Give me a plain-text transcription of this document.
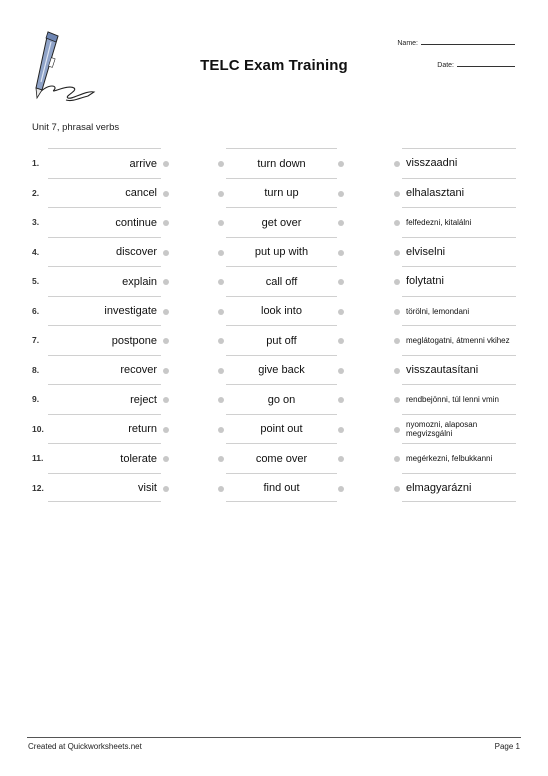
TELC Exam Training
Name:
Date:
Unit 7, phrasal verbs
1.	arrive	turn down	visszaadni
2.	cancel	turn up	elhalasztani
3.	continue	get over	felfedezni, kitalálni
4.	discover	put up with	elviselni
5.	explain	call off	folytatni
6.	investigate	look into	törölni, lemondani
7.	postpone	put off	meglátogatni, átmenni vkihez
8.	recover	give back	visszautasítani
9.	reject	go on	rendbejönni, túl lenni vmin
10.	return	point out	nyomozni, alaposan megvizsgálni
11.	tolerate	come over	megérkezni, felbukkanni
12.	visit	find out	elmagyarázni
Created at Quickworksheets.net	Page 1
